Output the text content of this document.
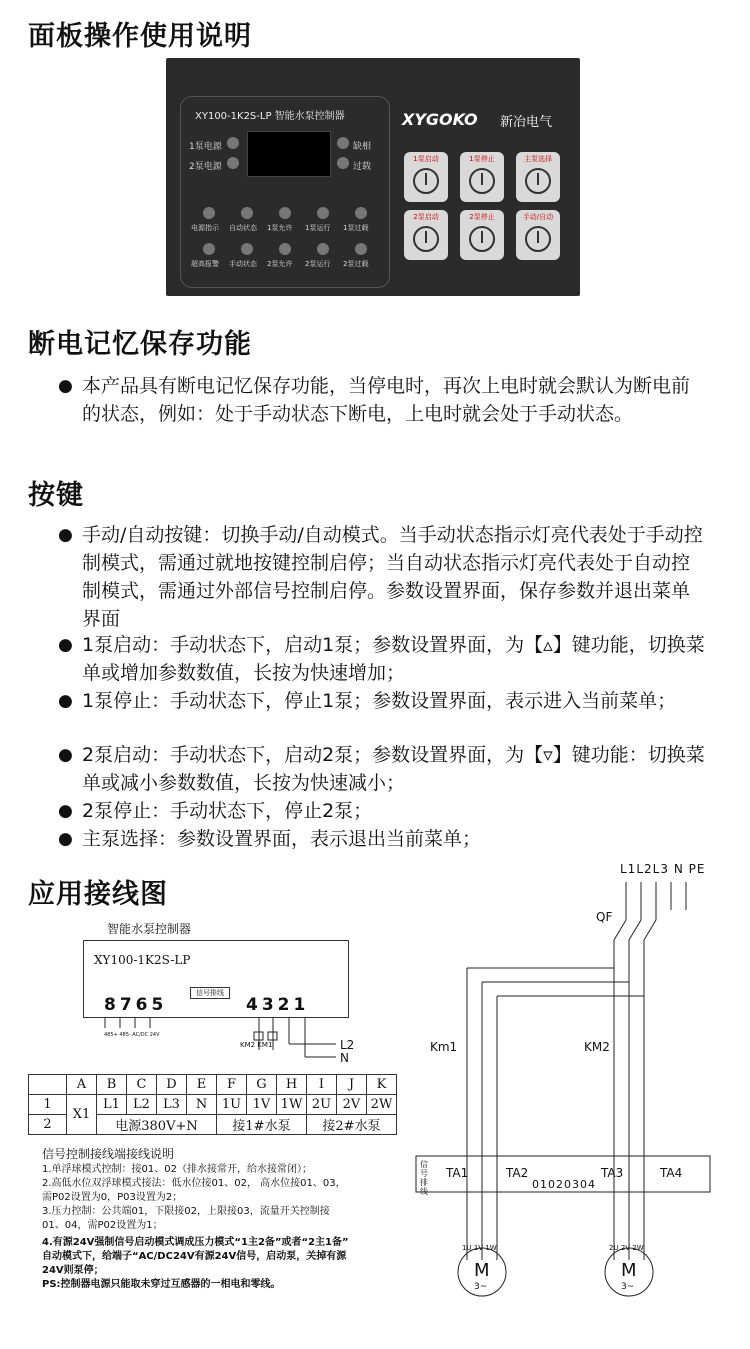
面板操作使用说明
XY100-1K2S-LP 智能水泵控制器
1泵电源
2泵电源
缺相
过载
电源指示 自动状态 1泵允许 1泵运行 1泵过载
超高报警 手动状态 2泵允许 2泵运行 2泵过载
XYGOKO 新冶电气
1泵启动	1泵停止	主泵选择
2泵启动	2泵停止	手动/自动
断电记忆保存功能
● 本产品具有断电记忆保存功能，当停电时，再次上电时就会默认为断电前的状态，例如：处于手动状态下断电，上电时就会处于手动状态。
按键
● 手动/自动按键：切换手动/自动模式。当手动状态指示灯亮代表处于手动控制模式，需通过就地按键控制启停；当自动状态指示灯亮代表处于自动控制模式，需通过外部信号控制启停。参数设置界面，保存参数并退出菜单界面
● 1泵启动：手动状态下，启动1泵；参数设置界面，为【▵】键功能，切换菜单或增加参数数值，长按为快速增加；
● 1泵停止：手动状态下，停止1泵；参数设置界面，表示进入当前菜单；
● 2泵启动：手动状态下，启动2泵；参数设置界面，为【▿】键功能：切换菜单或减小参数数值，长按为快速减小；
● 2泵停止：手动状态下，停止2泵；
● 主泵选择：参数设置界面，表示退出当前菜单；
应用接线图
智能水泵控制器
XY100-1K2S-LP
信号排线
8765	4321
485+ 485- AC/DC 24V
KM2 KM1	L2
N
L1L2L3 N PE
QF
Km1	KM2
信号排线
TA1	TA2	TA3	TA4
01020304
M
3~
M
3~
1U 1V 1W	2U 2V 2W
	A	B	C	D	E	F	G	H	I	J	K
1	X1	L1	L2	L3	N	1U	1V	1W	2U	2V	2W
2		电源380V+N				接1#水泵			接2#水泵		
信号控制接线端接线说明
1.单浮球模式控制：接01、02（排水接常开，给水接常闭）；
2.高低水位双浮球模式接法：低水位接01、02， 高水位接01、03，
需P02设置为0，P03设置为2；
3.压力控制：公共端01，下限接02，上限接03，流量开关控制接
01、04，需P02设置为1；
4.有源24V强制信号启动模式调成压力模式“1主2备”或者“2主1备”
自动模式下，给端子“AC/DC24V有源24V信号，启动泵，关掉有源
24V则泵停；
PS:控制器电源只能取未穿过互感器的一相电和零线。
